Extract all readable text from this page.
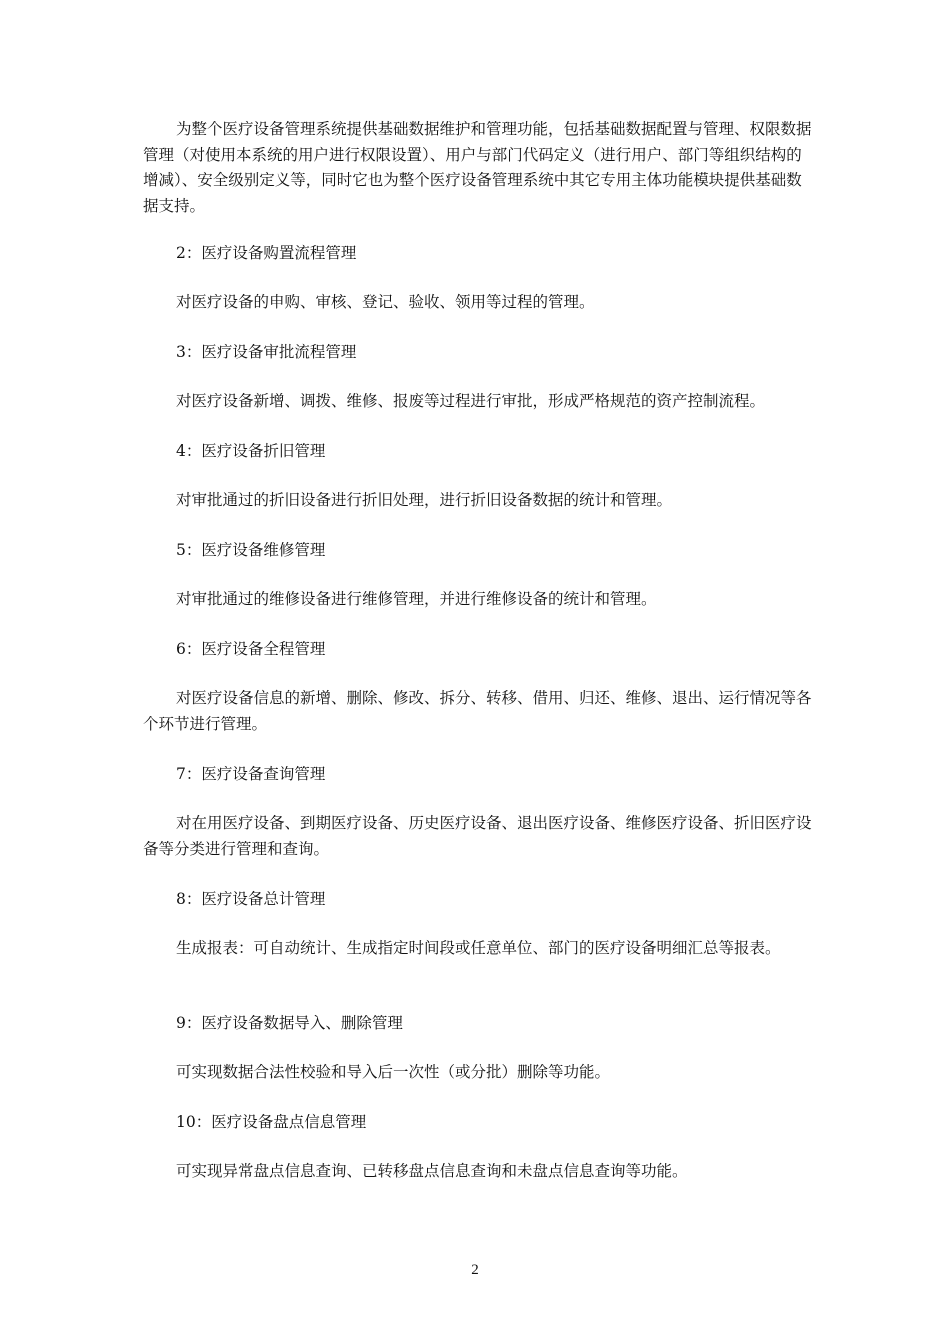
为整个医疗设备管理系统提供基础数据维护和管理功能，包括基础数据配置与管理、权限数据管理（对使用本系统的用户进行权限设置）、用户与部门代码定义（进行用户、部门等组织结构的增减）、安全级别定义等，同时它也为整个医疗设备管理系统中其它专用主体功能模块提供基础数据支持。

2：医疗设备购置流程管理

对医疗设备的申购、审核、登记、验收、领用等过程的管理。

3：医疗设备审批流程管理

对医疗设备新增、调拨、维修、报废等过程进行审批，形成严格规范的资产控制流程。

4：医疗设备折旧管理

对审批通过的折旧设备进行折旧处理，进行折旧设备数据的统计和管理。

5：医疗设备维修管理

对审批通过的维修设备进行维修管理，并进行维修设备的统计和管理。

6：医疗设备全程管理

对医疗设备信息的新增、删除、修改、拆分、转移、借用、归还、维修、退出、运行情况等各个环节进行管理。

7：医疗设备查询管理

对在用医疗设备、到期医疗设备、历史医疗设备、退出医疗设备、维修医疗设备、折旧医疗设备等分类进行管理和查询。

8：医疗设备总计管理

生成报表：可自动统计、生成指定时间段或任意单位、部门的医疗设备明细汇总等报表。

9：医疗设备数据导入、删除管理

可实现数据合法性校验和导入后一次性（或分批）删除等功能。

10：医疗设备盘点信息管理

可实现异常盘点信息查询、已转移盘点信息查询和未盘点信息查询等功能。

2
